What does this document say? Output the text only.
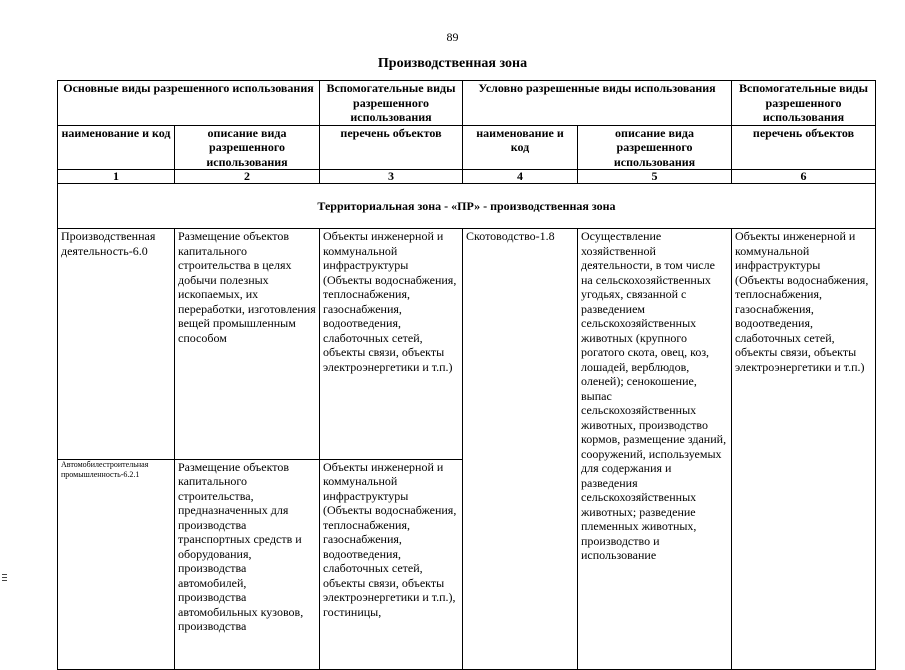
89
Производственная зона
Основные виды разрешенного использования		Вспомогательные виды разрешенного использования	Условно разрешенные виды использования		Вспомогательные виды разрешенного использования
наименование и код	описание вида разрешенного использования	перечень объектов	наименование и код	описание вида разрешенного использования	перечень объектов
1	2	3	4	5	6
Территориальная зона - «ПР» - производственная зона					

Производственная деятельность-6.0	Размещение объектов капитального строительства в целях добычи полезных ископаемых, их переработки, изготовления вещей промышленным способом	Объекты инженерной и коммунальной инфраструктуры (Объекты водоснабжения, теплоснабжения, газоснабжения, водоотведения, слаботочных сетей, объекты связи, объекты электроэнергетики и т.п.)	Скотоводство-1.8	Осуществление хозяйственной деятельности, в том числе на сельскохозяйственных угодьях, связанной с разведением сельскохозяйственных животных (крупного рогатого скота, овец, коз, лошадей, верблюдов, оленей); сенокошение, выпас сельскохозяйственных животных, производство кормов, размещение зданий, сооружений, используемых для содержания и разведения сельскохозяйственных животных; разведение племенных животных, производство и использование	Объекты инженерной и коммунальной инфраструктуры (Объекты водоснабжения, теплоснабжения, газоснабжения, водоотведения, слаботочных сетей, объекты связи, объекты электроэнергетики и т.п.)

Автомобилестроительная промышленность-6.2.1	Размещение объектов капитального строительства, предназначенных для производства транспортных средств и оборудования, производства автомобилей, производства автомобильных кузовов, производства	Объекты инженерной и коммунальной инфраструктуры (Объекты водоснабжения, теплоснабжения, газоснабжения, водоотведения, слаботочных сетей, объекты связи, объекты электроэнергетики и т.п.), гостиницы,			
